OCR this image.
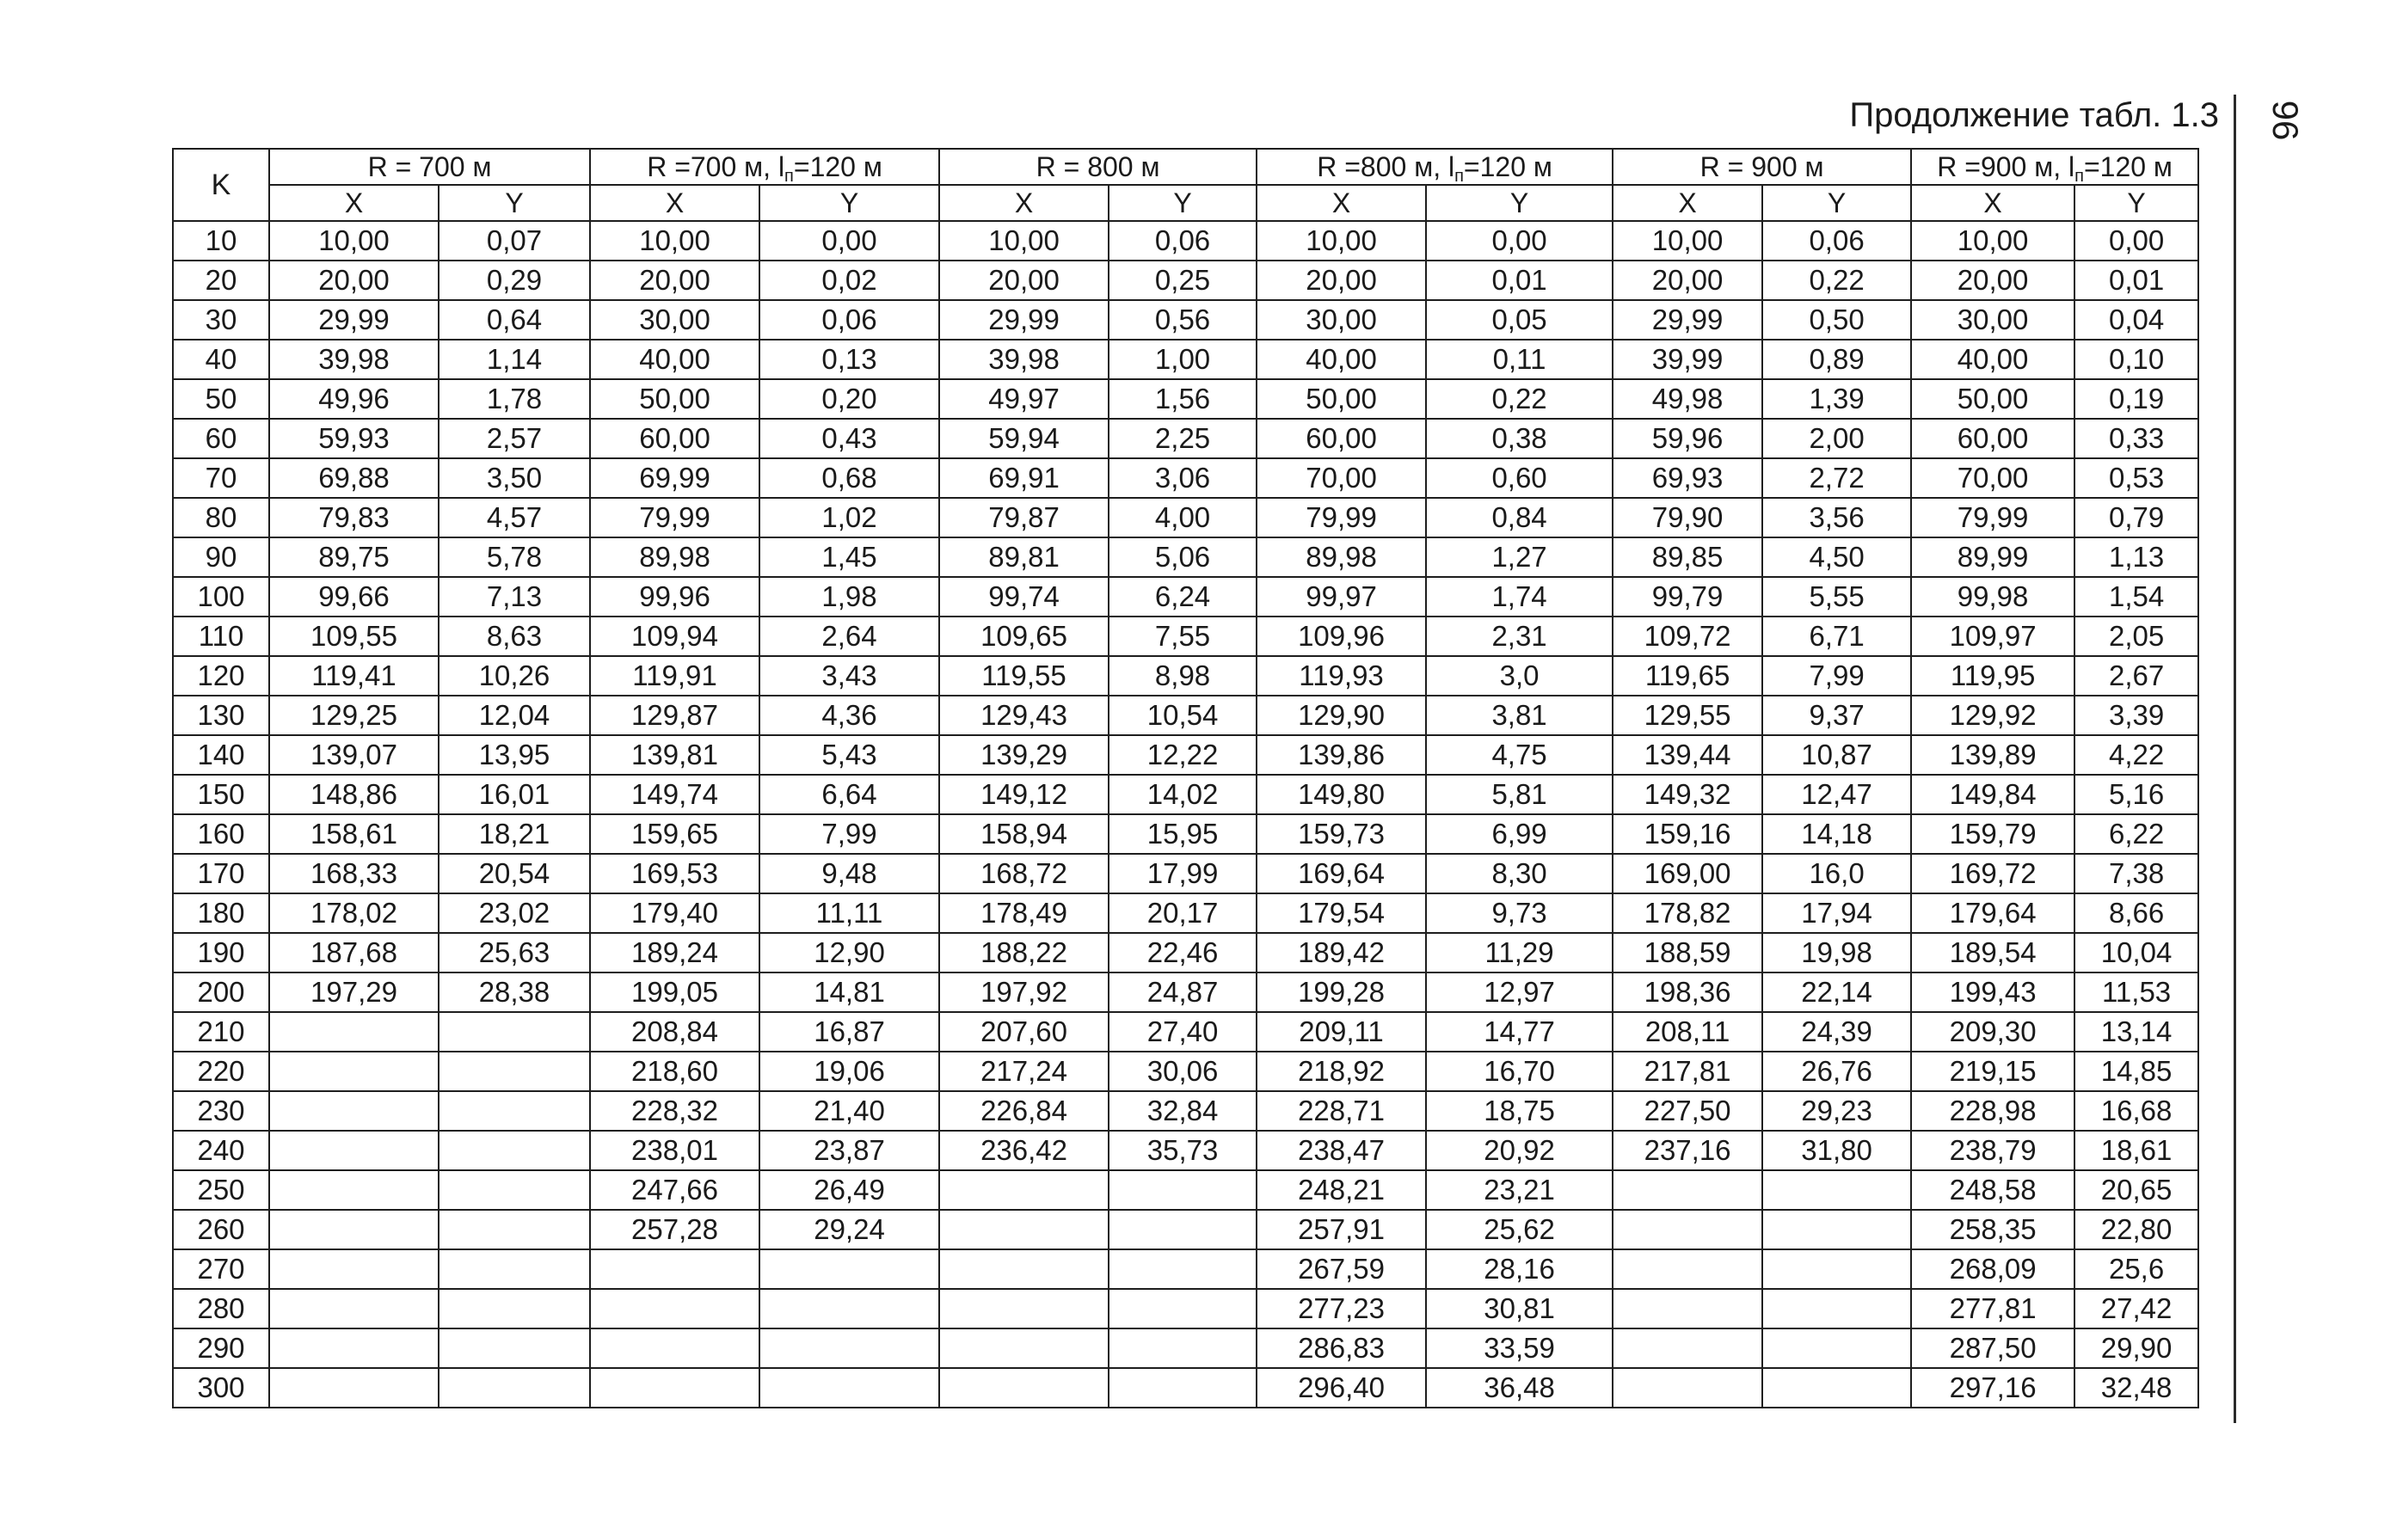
Продолжение табл. 1.3 96
K	R = 700 м		R =700 м, $l_п=120$ м		R = 800 м		R =800 м, $l_п=120$ м		R = 900 м		R =900 м, $l_п=120$ м	
	X	Y	X	Y	X	Y	X	Y	X	Y	X	Y
10	10,00	0,07	10,00	0,00	10,00	0,06	10,00	0,00	10,00	0,06	10,00	0,00
20	20,00	0,29	20,00	0,02	20,00	0,25	20,00	0,01	20,00	0,22	20,00	0,01
30	29,99	0,64	30,00	0,06	29,99	0,56	30,00	0,05	29,99	0,50	30,00	0,04
40	39,98	1,14	40,00	0,13	39,98	1,00	40,00	0,11	39,99	0,89	40,00	0,10
50	49,96	1,78	50,00	0,20	49,97	1,56	50,00	0,22	49,98	1,39	50,00	0,19
60	59,93	2,57	60,00	0,43	59,94	2,25	60,00	0,38	59,96	2,00	60,00	0,33
70	69,88	3,50	69,99	0,68	69,91	3,06	70,00	0,60	69,93	2,72	70,00	0,53
80	79,83	4,57	79,99	1,02	79,87	4,00	79,99	0,84	79,90	3,56	79,99	0,79
90	89,75	5,78	89,98	1,45	89,81	5,06	89,98	1,27	89,85	4,50	89,99	1,13
100	99,66	7,13	99,96	1,98	99,74	6,24	99,97	1,74	99,79	5,55	99,98	1,54
110	109,55	8,63	109,94	2,64	109,65	7,55	109,96	2,31	109,72	6,71	109,97	2,05
120	119,41	10,26	119,91	3,43	119,55	8,98	119,93	3,0	119,65	7,99	119,95	2,67
130	129,25	12,04	129,87	4,36	129,43	10,54	129,90	3,81	129,55	9,37	129,92	3,39
140	139,07	13,95	139,81	5,43	139,29	12,22	139,86	4,75	139,44	10,87	139,89	4,22
150	148,86	16,01	149,74	6,64	149,12	14,02	149,80	5,81	149,32	12,47	149,84	5,16
160	158,61	18,21	159,65	7,99	158,94	15,95	159,73	6,99	159,16	14,18	159,79	6,22
170	168,33	20,54	169,53	9,48	168,72	17,99	169,64	8,30	169,00	16,0	169,72	7,38
180	178,02	23,02	179,40	11,11	178,49	20,17	179,54	9,73	178,82	17,94	179,64	8,66
190	187,68	25,63	189,24	12,90	188,22	22,46	189,42	11,29	188,59	19,98	189,54	10,04
200	197,29	28,38	199,05	14,81	197,92	24,87	199,28	12,97	198,36	22,14	199,43	11,53
210			208,84	16,87	207,60	27,40	209,11	14,77	208,11	24,39	209,30	13,14
220			218,60	19,06	217,24	30,06	218,92	16,70	217,81	26,76	219,15	14,85
230			228,32	21,40	226,84	32,84	228,71	18,75	227,50	29,23	228,98	16,68
240			238,01	23,87	236,42	35,73	238,47	20,92	237,16	31,80	238,79	18,61
250			247,66	26,49			248,21	23,21			248,58	20,65
260			257,28	29,24			257,91	25,62			258,35	22,80
270							267,59	28,16			268,09	25,6
280							277,23	30,81			277,81	27,42
290							286,83	33,59			287,50	29,90
300							296,40	36,48			297,16	32,48
